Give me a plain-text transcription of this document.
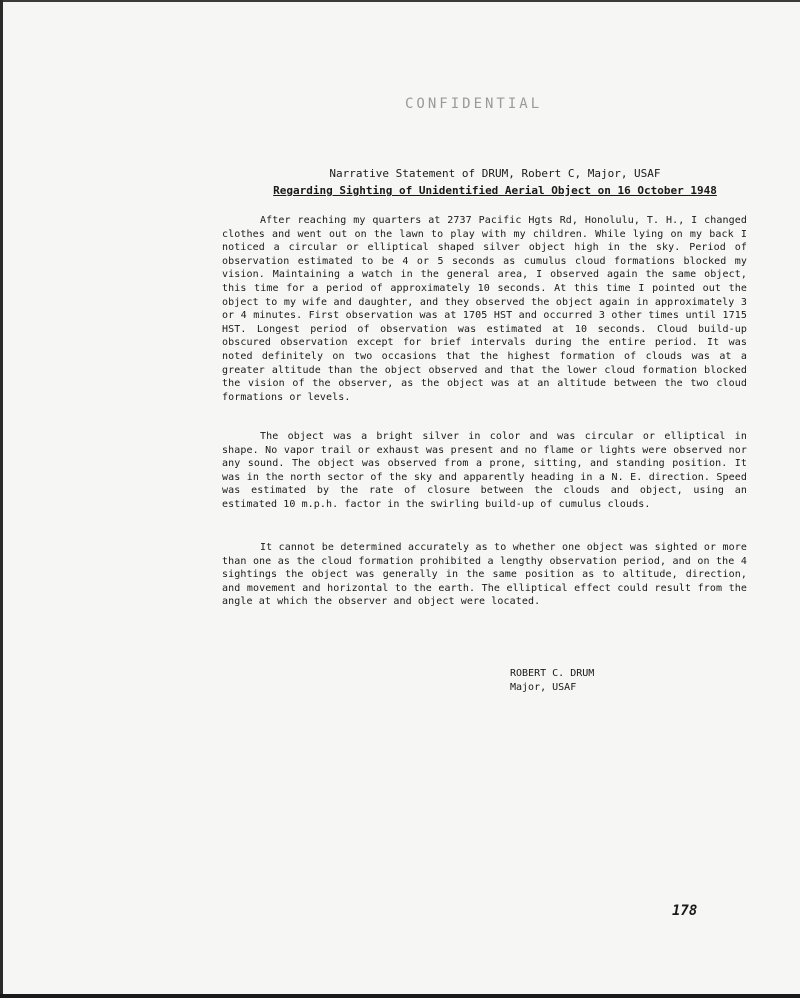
CONFIDENTIAL
Narrative Statement of DRUM, Robert C, Major, USAF
Regarding Sighting of Unidentified Aerial Object on 16 October 1948

After reaching my quarters at 2737 Pacific Hgts Rd, Honolulu, T. H., I changed clothes and went out on the lawn to play with my children. While lying on my back I noticed a circular or elliptical shaped silver object high in the sky. Period of observation estimated to be 4 or 5 seconds as cumulus cloud formations blocked my vision. Maintaining a watch in the general area, I observed again the same object, this time for a period of approximately 10 seconds. At this time I pointed out the object to my wife and daughter, and they observed the object again in approximately 3 or 4 minutes. First observation was at 1705 HST and occurred 3 other times until 1715 HST. Longest period of observation was estimated at 10 seconds. Cloud build-up obscured observation except for brief intervals during the entire period. It was noted definitely on two occasions that the highest formation of clouds was at a greater altitude than the object observed and that the lower cloud formation blocked the vision of the observer, as the object was at an altitude between the two cloud formations or levels.

The object was a bright silver in color and was circular or elliptical in shape. No vapor trail or exhaust was present and no flame or lights were observed nor any sound. The object was observed from a prone, sitting, and standing position. It was in the north sector of the sky and apparently heading in a N. E. direction. Speed was estimated by the rate of closure between the clouds and object, using an estimated 10 m.p.h. factor in the swirling build-up of cumulus clouds.

It cannot be determined accurately as to whether one object was sighted or more than one as the cloud formation prohibited a lengthy observation period, and on the 4 sightings the object was generally in the same position as to altitude, direction, and movement and horizontal to the earth. The elliptical effect could result from the angle at which the observer and object were located.

ROBERT C. DRUM
Major, USAF
178
